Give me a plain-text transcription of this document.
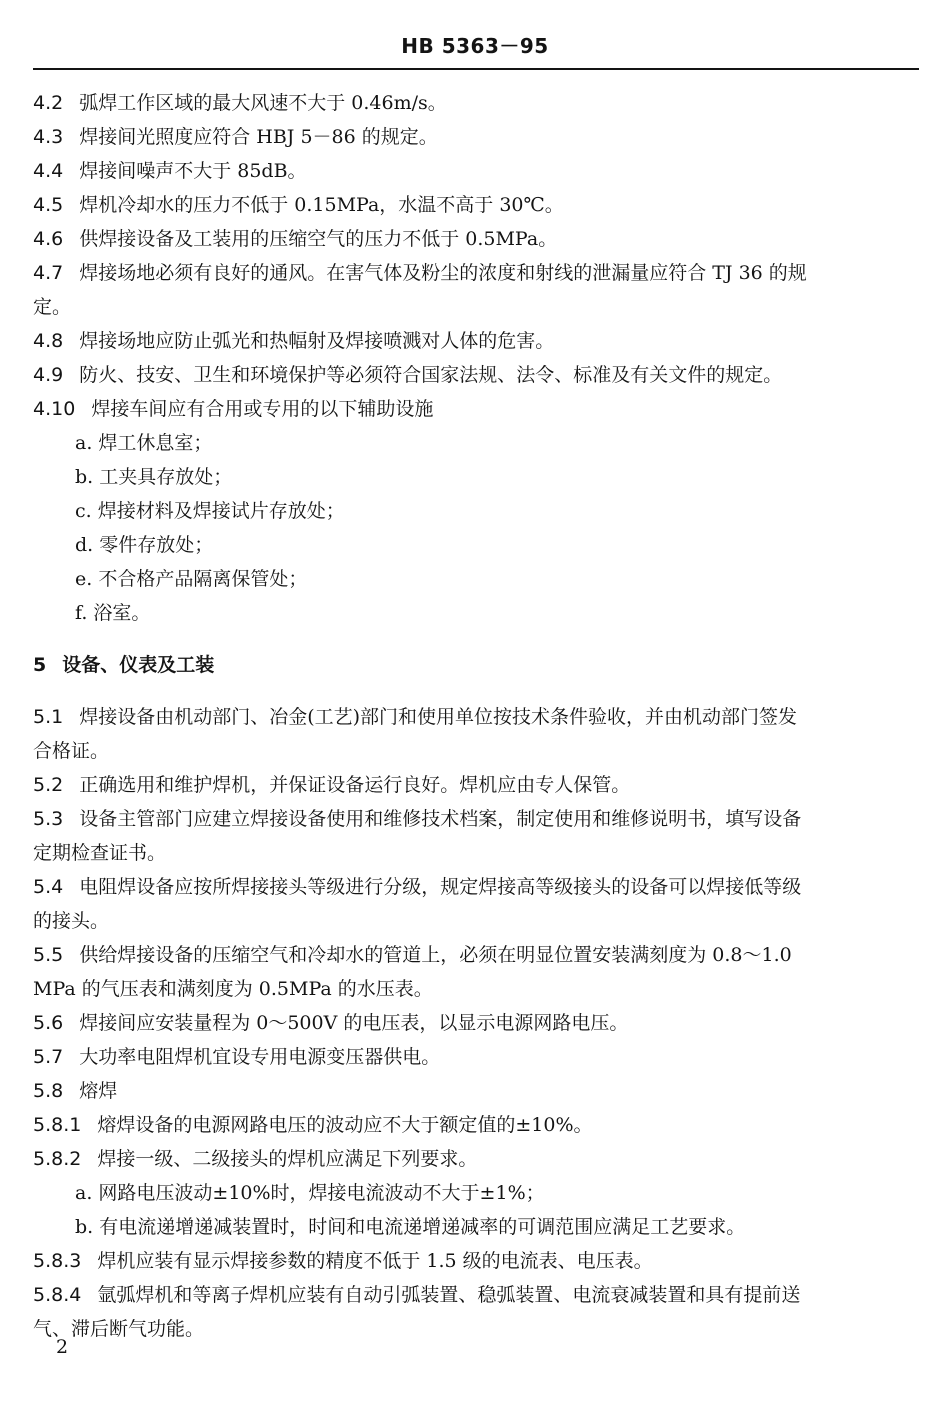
HB 5363－95
4.2 弧焊工作区域的最大风速不大于 0.46m/s。
4.3 焊接间光照度应符合 HBJ 5－86 的规定。
4.4 焊接间噪声不大于 85dB。
4.5 焊机冷却水的压力不低于 0.15MPa，水温不高于 30℃。
4.6 供焊接设备及工装用的压缩空气的压力不低于 0.5MPa。
4.7 焊接场地必须有良好的通风。在害气体及粉尘的浓度和射线的泄漏量应符合 TJ 36 的规
定。
4.8 焊接场地应防止弧光和热幅射及焊接喷溅对人体的危害。
4.9 防火、技安、卫生和环境保护等必须符合国家法规、法令、标准及有关文件的规定。
4.10 焊接车间应有合用或专用的以下辅助设施
a. 焊工休息室；
b. 工夹具存放处；
c. 焊接材料及焊接试片存放处；
d. 零件存放处；
e. 不合格产品隔离保管处；
f. 浴室。
5 设备、仪表及工装
5.1 焊接设备由机动部门、冶金(工艺)部门和使用单位按技术条件验收，并由机动部门签发
合格证。
5.2 正确选用和维护焊机，并保证设备运行良好。焊机应由专人保管。
5.3 设备主管部门应建立焊接设备使用和维修技术档案，制定使用和维修说明书，填写设备
定期检查证书。
5.4 电阻焊设备应按所焊接接头等级进行分级，规定焊接高等级接头的设备可以焊接低等级
的接头。
5.5 供给焊接设备的压缩空气和冷却水的管道上，必须在明显位置安装满刻度为 0.8～1.0
MPa 的气压表和满刻度为 0.5MPa 的水压表。
5.6 焊接间应安装量程为 0～500V 的电压表，以显示电源网路电压。
5.7 大功率电阻焊机宜设专用电源变压器供电。
5.8 熔焊
5.8.1 熔焊设备的电源网路电压的波动应不大于额定值的±10%。
5.8.2 焊接一级、二级接头的焊机应满足下列要求。
a. 网路电压波动±10%时，焊接电流波动不大于±1%；
b. 有电流递增递减装置时，时间和电流递增递减率的可调范围应满足工艺要求。
5.8.3 焊机应装有显示焊接参数的精度不低于 1.5 级的电流表、电压表。
5.8.4 氩弧焊机和等离子焊机应装有自动引弧装置、稳弧装置、电流衰减装置和具有提前送
气、滞后断气功能。
2
